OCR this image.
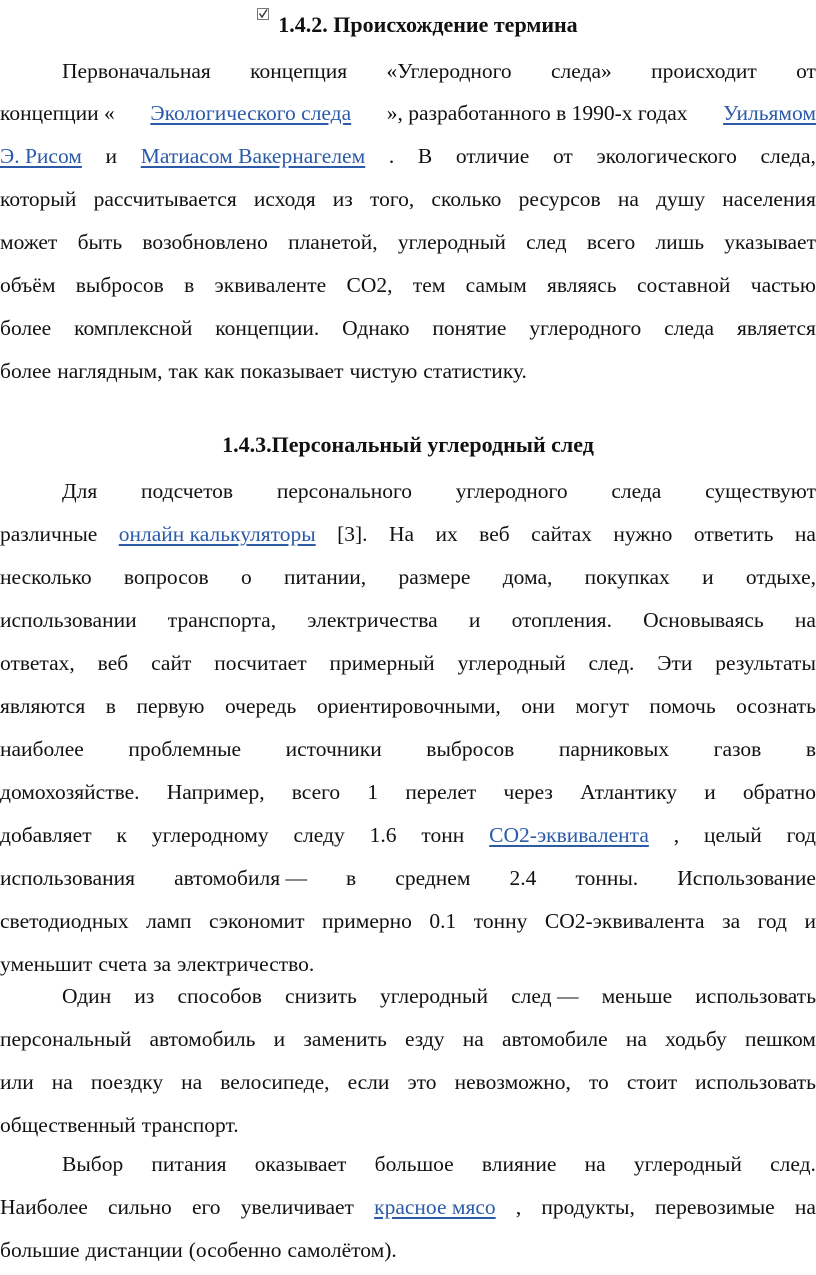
1.4.2. Происхождение термина
Первоначальная концепция «Углеродного следа» происходит от
концепции « Экологического следа », разработанного в 1990-х годах Уильямом
Э. Рисом и Матиасом Вакернагелем . В отличие от экологического следа,
который рассчитывается исходя из того, сколько ресурсов на душу населения
может быть возобновлено планетой, углеродный след всего лишь указывает
объём выбросов в эквиваленте CO2, тем самым являясь составной частью
более комплексной концепции. Однако понятие углеродного следа является
более наглядным, так как показывает чистую статистику.
1.4.3.Персональный углеродный след
Для подсчетов персонального углеродного следа существуют
различные онлайн калькуляторы [3]. На их веб сайтах нужно ответить на
несколько вопросов о питании, размере дома, покупках и отдыхе,
использовании транспорта, электричества и отопления. Основываясь на
ответах, веб сайт посчитает примерный углеродный след. Эти результаты
являются в первую очередь ориентировочными, они могут помочь осознать
наиболее проблемные источники выбросов парниковых газов в
домохозяйстве. Например, всего 1 перелет через Атлантику и обратно
добавляет к углеродному следу 1.6 тонн CO2-эквивалента , целый год
использования автомобиля — в среднем 2.4 тонны. Использование
светодиодных ламп сэкономит примерно 0.1 тонну CO2-эквивалента за год и
уменьшит счета за электричество.
Один из способов снизить углеродный след — меньше использовать
персональный автомобиль и заменить езду на автомобиле на ходьбу пешком
или на поездку на велосипеде, если это невозможно, то стоит использовать
общественный транспорт.
Выбор питания оказывает большое влияние на углеродный след.
Наиболее сильно его увеличивает красное мясо , продукты, перевозимые на
большие дистанции (особенно самолётом).
